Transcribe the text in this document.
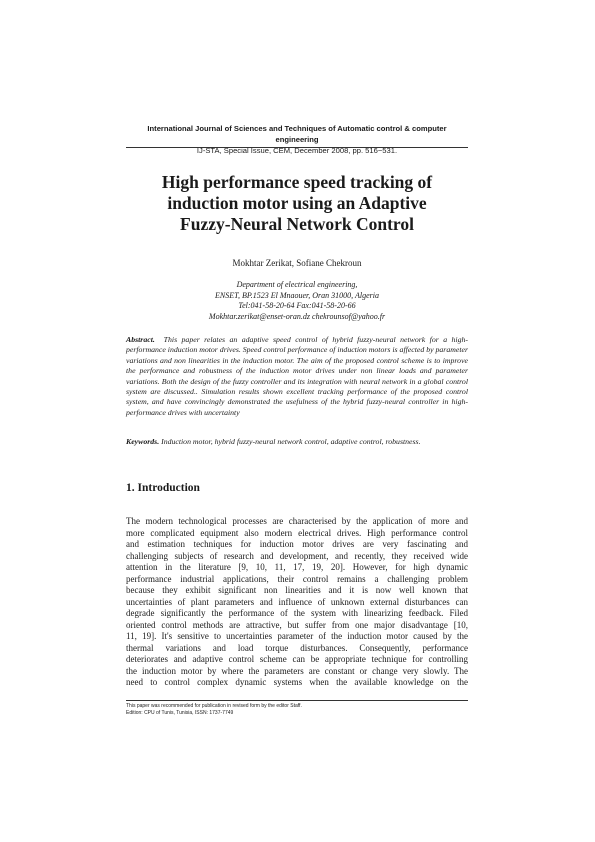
International Journal of Sciences and Techniques of Automatic control & computer engineering
IJ-STA, Special Issue, CEM, December 2008, pp. 516−531.
High performance speed tracking of
induction motor using an Adaptive
Fuzzy-Neural Network Control
Mokhtar Zerikat, Sofiane Chekroun
Department of electrical engineering,
ENSET, BP.1523 El Mnaouer, Oran 31000, Algeria
Tel:041-58-20-64 Fax:041-58-20-66
Mokhtar.zerikat@enset-oran.dz chekrounsof@yahoo.fr
Abstract. This paper relates an adaptive speed control of hybrid fuzzy-neural network for a high-performance induction motor drives. Speed control performance of induction motors is affected by parameter variations and non linearities in the induction motor. The aim of the proposed control scheme is to improve the performance and robustness of the induction motor drives under non linear loads and parameter variations. Both the design of the fuzzy controller and its integration with neural network in a global control system are discussed.. Simulation results shown excellent tracking performance of the proposed control system, and have convincingly demonstrated the usefulness of the hybrid fuzzy-neural controller in high-performance drives with uncertainty
Keywords. Induction motor, hybrid fuzzy-neural network control, adaptive control, robustness.
1. Introduction
The modern technological processes are characterised by the application of more and
more complicated equipment also modern electrical drives. High performance control
and estimation techniques for induction motor drives are very fascinating and
challenging subjects of research and development, and recently, they received wide
attention in the literature [9, 10, 11, 17, 19, 20]. However, for high dynamic
performance industrial applications, their control remains a challenging problem
because they exhibit significant non linearities and it is now well known that
uncertainties of plant parameters and influence of unknown external disturbances can
degrade significantly the performance of the system with linearizing feedback. Filed
oriented control methods are attractive, but suffer from one major disadvantage [10,
11, 19]. It's sensitive to uncertainties parameter of the induction motor caused by the
thermal variations and load torque disturbances. Consequently, performance
deteriorates and adaptive control scheme can be appropriate technique for controlling
the induction motor by where the parameters are constant or change very slowly. The
need to control complex dynamic systems when the available knowledge on the
This paper was recommended for publication in revised form by the editor Staff.
Edition: CPU of Tunis, Tunisia, ISSN: 1737-7749
